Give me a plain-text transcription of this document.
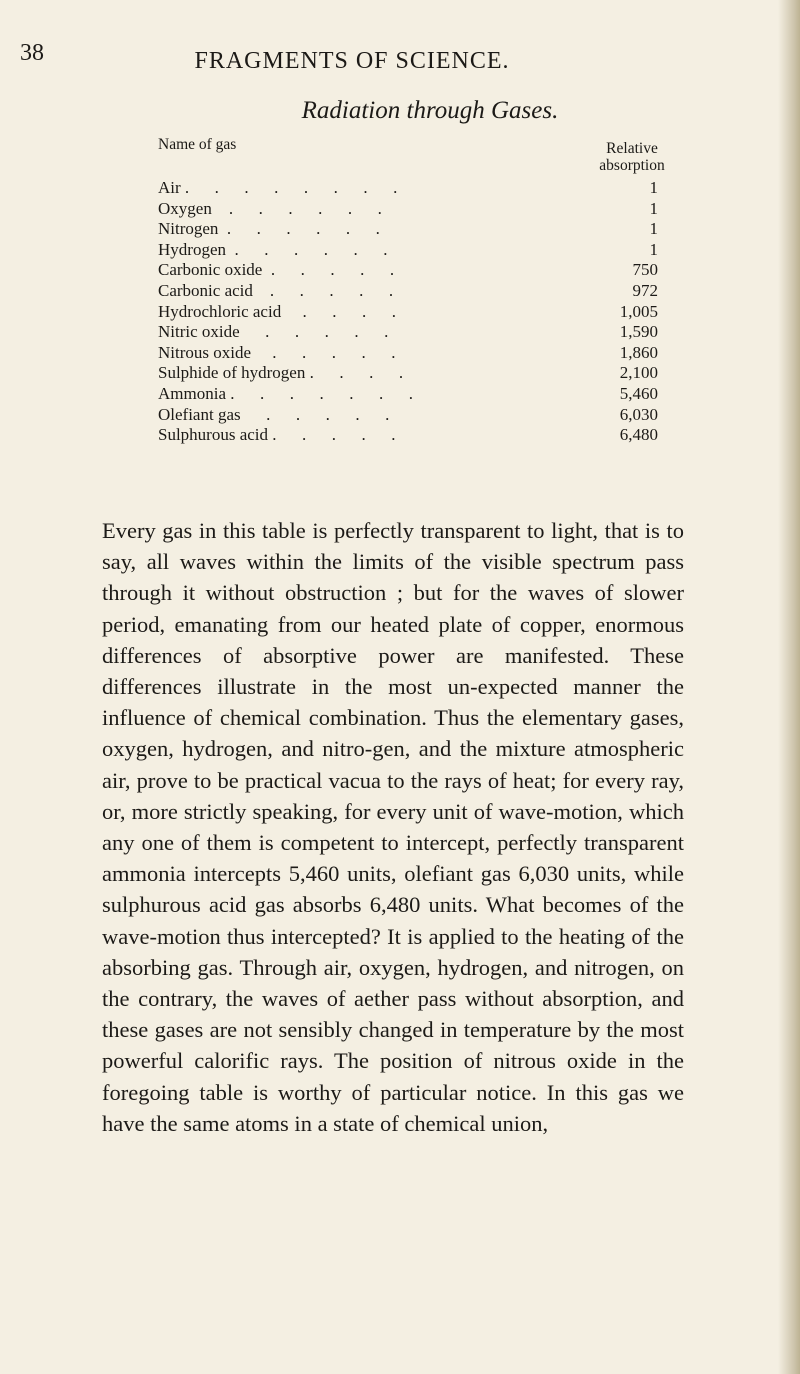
38	FRAGMENTS OF SCIENCE.
Radiation through Gases.
Name of gas	Relative
absorption
Air .      .      .      .      .      .      .      .	1
Oxygen    .      .      .      .      .      .	1
Nitrogen  .      .      .      .      .      .	1
Hydrogen  .      .      .      .      .      .	1
Carbonic oxide  .      .      .      .      .	750
Carbonic acid    .      .      .      .      .	972
Hydrochloric acid     .      .      .      .	1,005
Nitric oxide      .      .      .      .      .	1,590
Nitrous oxide     .      .      .      .      .	1,860
Sulphide of hydrogen .      .      .      .	2,100
Ammonia .      .      .      .      .      .      .	5,460
Olefiant gas      .      .      .      .      .	6,030
Sulphurous acid .      .      .      .      .	6,480
Every gas in this table is perfectly transparent to light, that is to say, all waves within the limits of the visible spectrum pass through it without obstruction ; but for the waves of slower period, emanating from our heated plate of copper, enormous differences of absorptive power are manifested. These differences illustrate in the most un-expected manner the influence of chemical combination. Thus the elementary gases, oxygen, hydrogen, and nitro-gen, and the mixture atmospheric air, prove to be practical vacua to the rays of heat; for every ray, or, more strictly speaking, for every unit of wave-motion, which any one of them is competent to intercept, perfectly transparent ammonia intercepts 5,460 units, olefiant gas 6,030 units, while sulphurous acid gas absorbs 6,480 units. What becomes of the wave-motion thus intercepted? It is applied to the heating of the absorbing gas. Through air, oxygen, hydrogen, and nitrogen, on the contrary, the waves of aether pass without absorption, and these gases are not sensibly changed in temperature by the most powerful calorific rays. The position of nitrous oxide in the foregoing table is worthy of particular notice. In this gas we have the same atoms in a state of chemical union,
